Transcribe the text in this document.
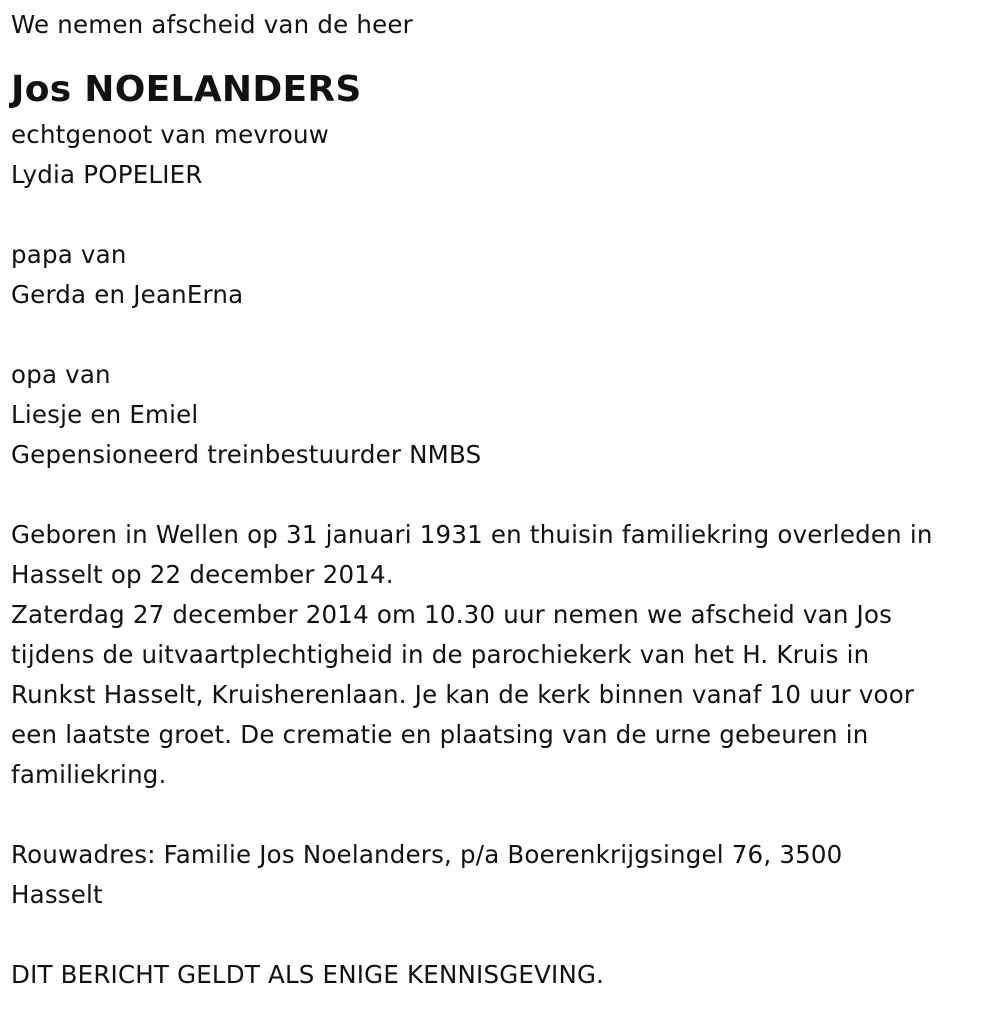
We nemen afscheid van de heer
Jos NOELANDERS
echtgenoot van mevrouw
Lydia POPELIER
papa van
Gerda en JeanErna
opa van
Liesje en Emiel
Gepensioneerd treinbestuurder NMBS
Geboren in Wellen op 31 januari 1931 en thuisin familiekring overleden in
Hasselt op 22 december 2014.
Zaterdag 27 december 2014 om 10.30 uur nemen we afscheid van Jos
tijdens de uitvaartplechtigheid in de parochiekerk van het H. Kruis in
Runkst Hasselt, Kruisherenlaan. Je kan de kerk binnen vanaf 10 uur voor
een laatste groet. De crematie en plaatsing van de urne gebeuren in
familiekring.
Rouwadres: Familie Jos Noelanders, p/a Boerenkrijgsingel 76, 3500
Hasselt
DIT BERICHT GELDT ALS ENIGE KENNISGEVING.
